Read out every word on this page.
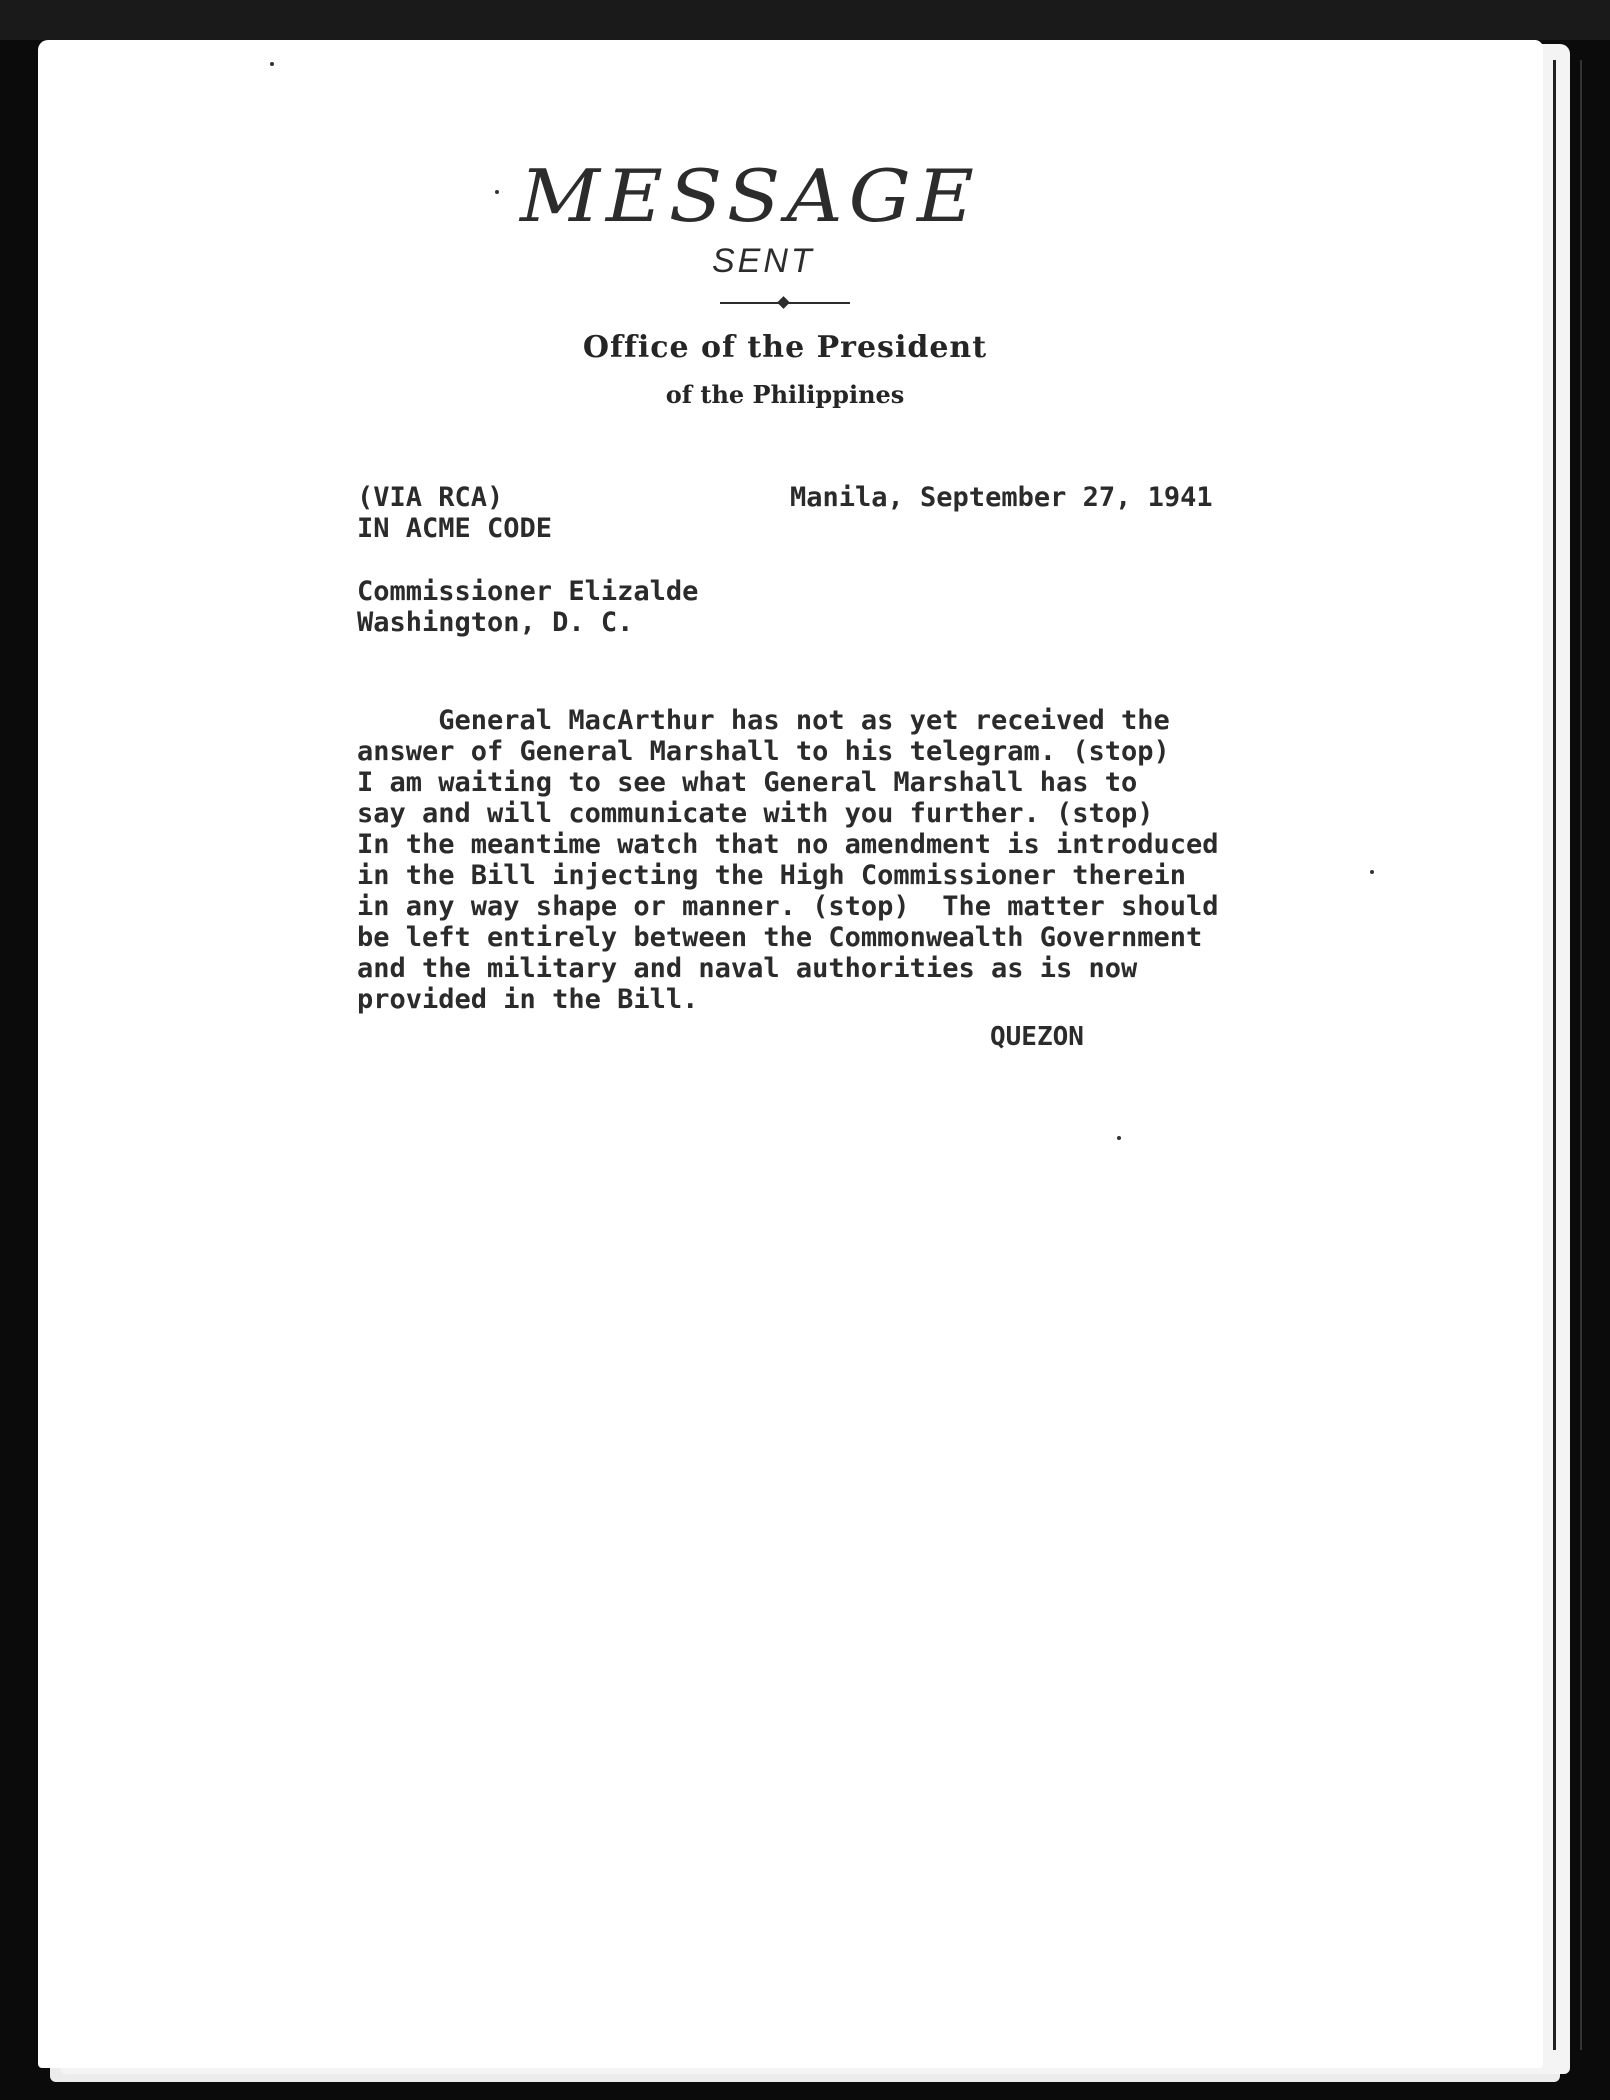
MESSAGE
SENT
Office of the President
of the Philippines
(VIA RCA)
IN ACME CODE
Manila, September 27, 1941
Commissioner Elizalde
Washington, D. C.

General MacArthur has not as yet received the
answer of General Marshall to his telegram. (stop)
I am waiting to see what General Marshall has to
say and will communicate with you further. (stop)
In the meantime watch that no amendment is introduced
in the Bill injecting the High Commissioner therein
in any way shape or manner. (stop)  The matter should
be left entirely between the Commonwealth Government
and the military and naval authorities as is now
provided in the Bill.
QUEZON
